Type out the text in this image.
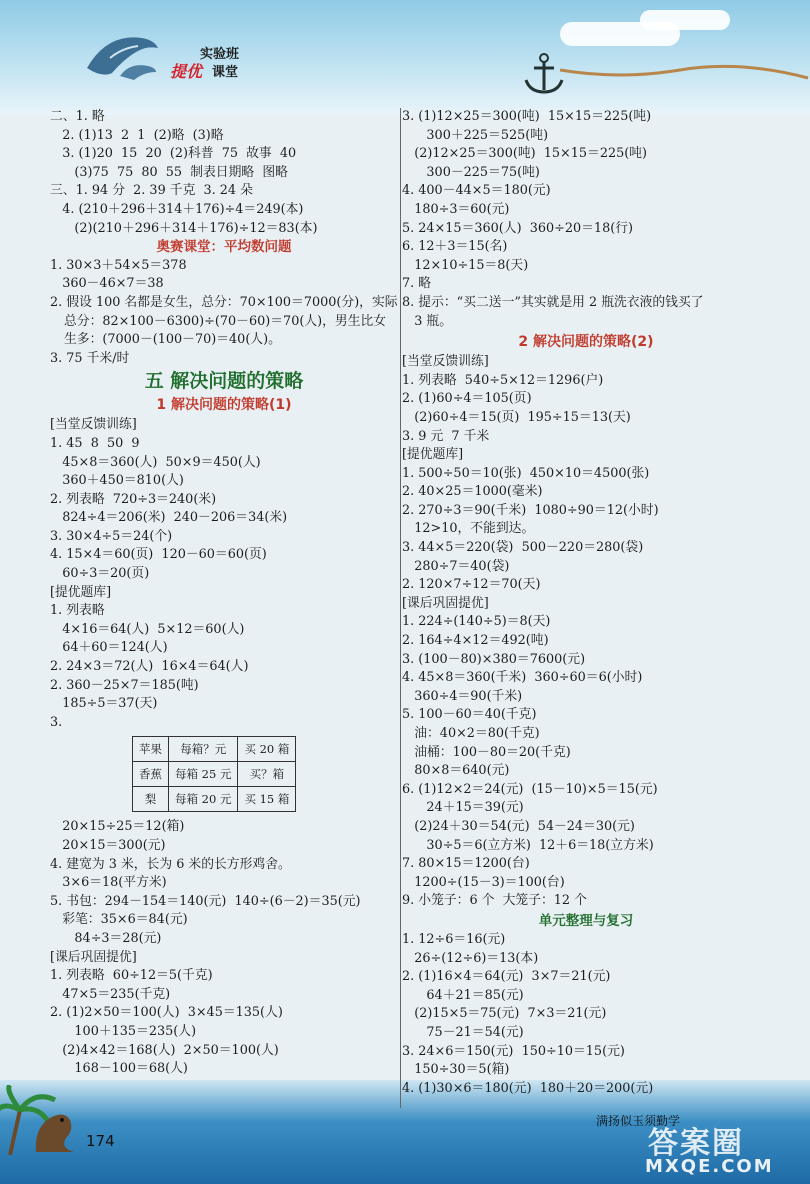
实验班
提优 课堂
174
满扬似玉须勤学
答案圈
MXQE.COM
二、1. 略
2. (1)13  2  1  (2)略  (3)略
3. (1)20  15  20  (2)科普  75  故事  40
(3)75  75  80  55  制表日期略  图略
三、1. 94 分  2. 39 千克  3. 24 朵
4. (210＋296＋314＋176)÷4＝249(本)
(2)(210＋296＋314＋176)÷12＝83(本)
奥赛课堂：平均数问题
1. 30×3＋54×5＝378
360－46×7＝38
2. 假设 100 名都是女生，总分：70×100＝7000(分)，实际总分：82×100－6300)÷(70－60)＝70(人)，男生比女生多：(7000－(100－70)＝40(人)。
3. 75 千米/时
五 解决问题的策略
1 解决问题的策略(1)
[当堂反馈训练]
1. 45  8  50  9
45×8＝360(人)  50×9＝450(人)
360＋450＝810(人)
2. 列表略  720÷3＝240(米)
824÷4＝206(米)  240－206＝34(米)
3. 30×4÷5＝24(个)
4. 15×4＝60(页)  120－60＝60(页)
60÷3＝20(页)
[提优题库]
1. 列表略
4×16＝64(人)  5×12＝60(人)
64＋60＝124(人)
2. 24×3＝72(人)  16×4＝64(人)
2. 360－25×7＝185(吨)
185÷5＝37(天)
3.
苹果	每箱？元	买 20 箱
香蕉	每箱 25 元	买？箱
梨	每箱 20 元	买 15 箱
20×15÷25＝12(箱)
20×15＝300(元)
4. 建宽为 3 米，长为 6 米的长方形鸡舍。
3×6＝18(平方米)
5. 书包：294－154＝140(元)  140÷(6－2)＝35(元)
彩笔：35×6＝84(元)
84÷3＝28(元)
[课后巩固提优]
1. 列表略  60÷12＝5(千克)
47×5＝235(千克)
2. (1)2×50＝100(人)  3×45＝135(人)
100＋135＝235(人)
(2)4×42＝168(人)  2×50＝100(人)
168－100＝68(人)
3. (1)12×25＝300(吨)  15×15＝225(吨)
300＋225＝525(吨)
(2)12×25＝300(吨)  15×15＝225(吨)
300－225＝75(吨)
4. 400－44×5＝180(元)
180÷3＝60(元)
5. 24×15＝360(人)  360÷20＝18(行)
6. 12＋3＝15(名)
12×10÷15＝8(天)
7. 略
8. 提示：“买二送一”其实就是用 2 瓶洗衣液的钱买了
3 瓶。
2 解决问题的策略(2)
[当堂反馈训练]
1. 列表略  540÷5×12＝1296(户)
2. (1)60÷4＝105(页)
(2)60÷4＝15(页)  195÷15＝13(天)
3. 9 元  7 千米
[提优题库]
1. 500÷50＝10(张)  450×10＝4500(张)
2. 40×25＝1000(毫米)
2. 270÷3＝90(千米)  1080÷90＝12(小时)
12>10，不能到达。
3. 44×5＝220(袋)  500－220＝280(袋)
280÷7＝40(袋)
2. 120×7÷12＝70(天)
[课后巩固提优]
1. 224÷(140÷5)＝8(天)
2. 164÷4×12＝492(吨)
3. (100－80)×380＝7600(元)
4. 45×8＝360(千米)  360÷60＝6(小时)
360÷4＝90(千米)
5. 100－60＝40(千克)
油：40×2＝80(千克)
油桶：100－80＝20(千克)
80×8＝640(元)
6. (1)12×2＝24(元)  (15－10)×5＝15(元)
24＋15＝39(元)
(2)24＋30＝54(元)  54－24＝30(元)
30÷5＝6(立方米)  12＋6＝18(立方米)
7. 80×15＝1200(台)
1200÷(15－3)＝100(台)
9. 小笼子：6 个  大笼子：12 个
单元整理与复习
1. 12÷6＝16(元)
26÷(12÷6)＝13(本)
2. (1)16×4＝64(元)  3×7＝21(元)
64＋21＝85(元)
(2)15×5＝75(元)  7×3＝21(元)
75－21＝54(元)
3. 24×6＝150(元)  150÷10＝15(元)
150÷30＝5(箱)
4. (1)30×6＝180(元)  180＋20＝200(元)
